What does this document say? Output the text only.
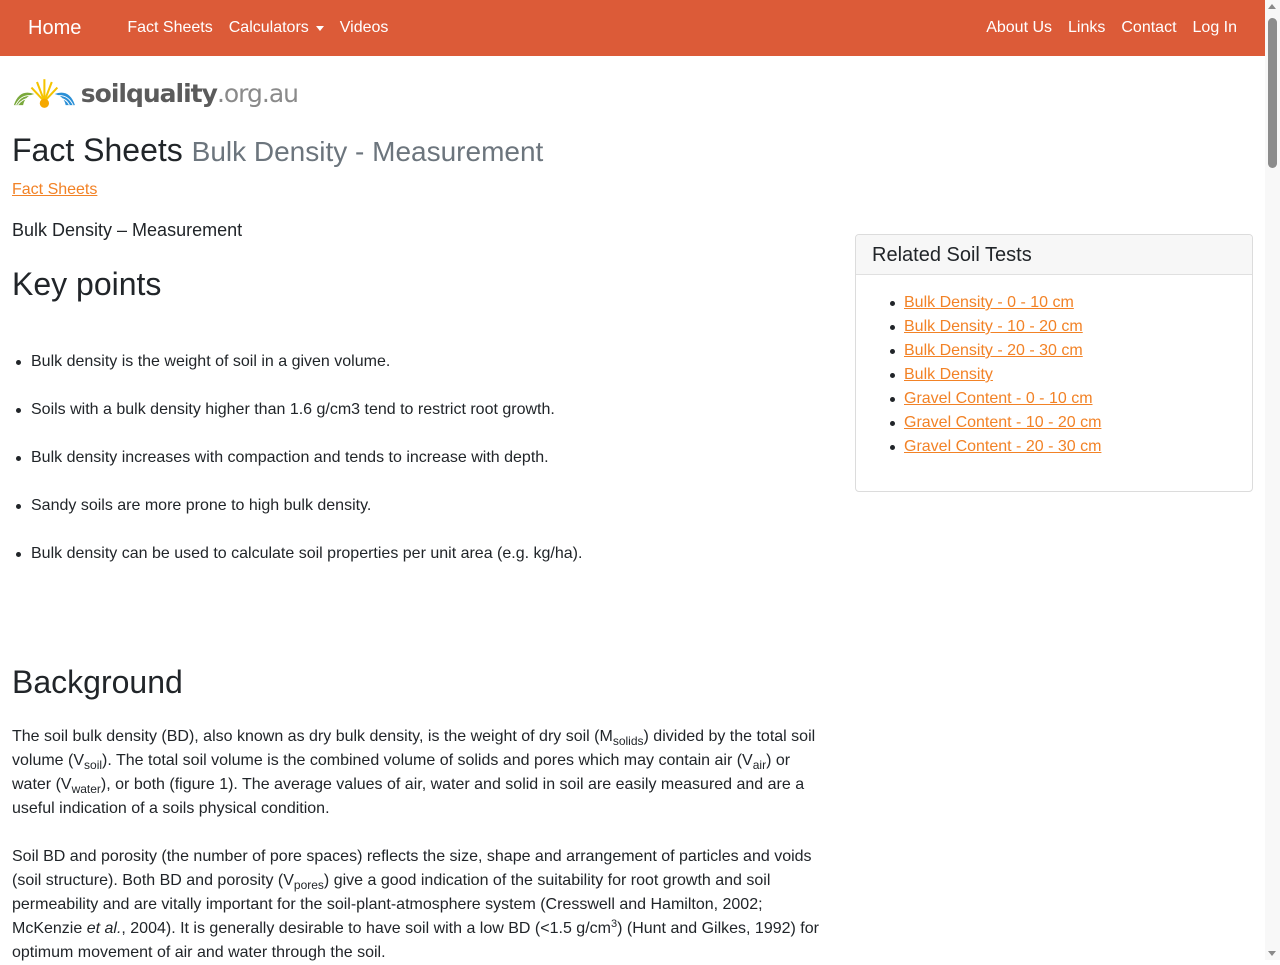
Home	Fact Sheets	Calculators	Videos	About Us	Links	Contact	Log In
soilquality.org.au
Fact Sheets Bulk Density - Measurement
Fact Sheets

Bulk Density – Measurement

Key points
Bulk density is the weight of soil in a given volume.
Soils with a bulk density higher than 1.6 g/cm3 tend to restrict root growth.
Bulk density increases with compaction and tends to increase with depth.
Sandy soils are more prone to high bulk density.
Bulk density can be used to calculate soil properties per unit area (e.g. kg/ha).
Background

The soil bulk density (BD), also known as dry bulk density, is the weight of dry soil $(M_{solids})$ divided by the total soil volume $(V_{soil})$. The total soil volume is the combined volume of solids and pores which may contain air $(V_{air})$ or water $(V_{water})$, or both (figure 1). The average values of air, water and solid in soil are easily measured and are a useful indication of a soils physical condition.

Soil BD and porosity (the number of pore spaces) reflects the size, shape and arrangement of particles and voids (soil structure). Both BD and porosity $(V_{pores})$ give a good indication of the suitability for root growth and soil permeability and are vitally important for the soil-plant-atmosphere system (Cresswell and Hamilton, 2002; McKenzie et al., 2004). It is generally desirable to have soil with a low BD (<1.5 $g/cm^3$) (Hunt and Gilkes, 1992) for optimum movement of air and water through the soil.

Related Soil Tests
Bulk Density - 0 - 10 cm
Bulk Density - 10 - 20 cm
Bulk Density - 20 - 30 cm
Bulk Density
Gravel Content - 0 - 10 cm
Gravel Content - 10 - 20 cm
Gravel Content - 20 - 30 cm
